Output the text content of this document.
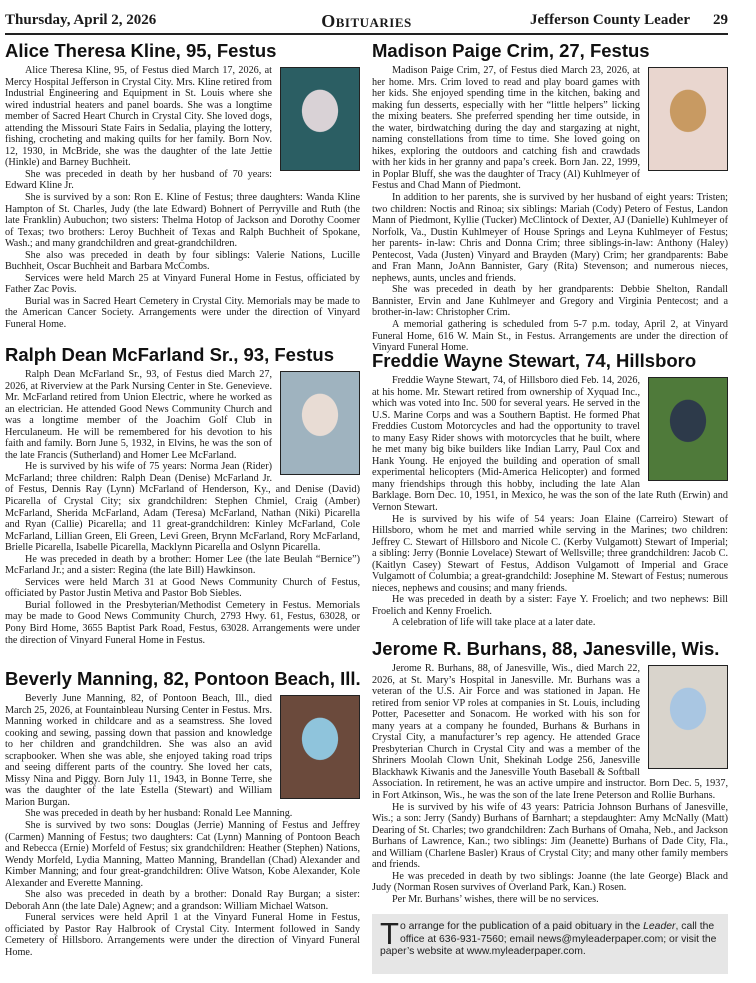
Thursday, April 2, 2026	Obituaries	Jefferson County Leader 29
Alice Theresa Kline, 95, Festus

Alice Theresa Kline, 95, of Festus died March 17, 2026, at Mercy Hospital Jefferson in Crystal City. Mrs. Kline retired from Industrial Engineering and Equipment in St. Louis where she wired industrial heaters and panel boards. She was a longtime member of Sacred Heart Church in Crystal City. She loved dogs, attending the Missouri State Fairs in Sedalia, playing the lottery, fishing, crocheting and making quilts for her family. Born Nov. 12, 1930, in McBride, she was the daughter of the late Jettie (Hinkle) and Barney Buchheit.

She was preceded in death by her husband of 70 years: Edward Kline Jr.

She is survived by a son: Ron E. Kline of Festus; three daughters: Wanda Kline Hampton of St. Charles, Judy (the late Edward) Bohnert of Perryville and Ruth (the late Franklin) Aubuchon; two sisters: Thelma Hotop of Jackson and Dorothy Coomer of Texas; two brothers: Leroy Buchheit of Texas and Ralph Buchheit of Spokane, Wash.; and many grandchildren and great-grandchildren.

She also was preceded in death by four siblings: Valerie Nations, Lucille Buchheit, Oscar Buchheit and Barbara McCombs.

Services were held March 25 at Vinyard Funeral Home in Festus, officiated by Father Zac Povis.

Burial was in Sacred Heart Cemetery in Crystal City. Memorials may be made to the American Cancer Society. Arrangements were under the direction of Vinyard Funeral Home.

Ralph Dean McFarland Sr., 93, Festus

Ralph Dean McFarland Sr., 93, of Festus died March 27, 2026, at Riverview at the Park Nursing Center in Ste. Genevieve. Mr. McFarland retired from Union Electric, where he worked as an electrician. He attended Good News Community Church and was a longtime member of the Joachim Golf Club in Herculaneum. He will be remembered for his devotion to his faith and family. Born June 5, 1932, in Elvins, he was the son of the late Francis (Sutherland) and Homer Lee McFarland.

He is survived by his wife of 75 years: Norma Jean (Rider) McFarland; three children: Ralph Dean (Denise) McFarland Jr. of Festus, Dennis Ray (Lynn) McFarland of Henderson, Ky., and Denise (David) Picarella of Crystal City; six grandchildren: Stephen Chmiel, Craig (Amber) McFarland, Sherida McFarland, Adam (Teresa) McFarland, Nathan (Niki) Picarella and Ryan (Callie) Picarella; and 11 great-grandchildren: Kinley McFarland, Cole McFarland, Lillian Green, Eli Green, Levi Green, Brynn McFarland, Rory McFarland, Brielle Picarella, Isabelle Picarella, Macklynn Picarella and Oslynn Picarella.

He was preceded in death by a brother: Homer Lee (the late Beulah “Bernice”) McFarland Jr.; and a sister: Regina (the late Bill) Hawkinson.

Services were held March 31 at Good News Community Church of Festus, officiated by Pastor Justin Metiva and Pastor Bob Siebles.

Burial followed in the Presbyterian/Methodist Cemetery in Festus. Memorials may be made to Good News Community Church, 2793 Hwy. 61, Festus, 63028, or Pony Bird Home, 3655 Baptist Park Road, Festus, 63028. Arrangements were under the direction of Vinyard Funeral Home in Festus.

Beverly Manning, 82, Pontoon Beach, Ill.

Beverly June Manning, 82, of Pontoon Beach, Ill., died March 25, 2026, at Fountainbleau Nursing Center in Festus. Mrs. Manning worked in childcare and as a seamstress. She loved cooking and sewing, passing down that passion and knowledge to her children and grandchildren. She was also an avid scrapbooker. When she was able, she enjoyed taking road trips and seeing different parts of the country. She loved her cats, Missy Nina and Piggy. Born July 11, 1943, in Bonne Terre, she was the daughter of the late Estella (Stewart) and William Marion Burgan.

She was preceded in death by her husband: Ronald Lee Manning.

She is survived by two sons: Douglas (Jerrie) Manning of Festus and Jeffrey (Carmen) Manning of Festus; two daughters: Cat (Lynn) Manning of Pontoon Beach and Rebecca (Ernie) Morfeld of Festus; six grandchildren: Heather (Stephen) Nations, Wendy Morfeld, Lydia Manning, Matteo Manning, Brandellan (Chad) Alexander and Kimber Manning; and four great-grandchildren: Olive Watson, Kobe Alexander, Kole Alexander and Everette Manning.

She also was preceded in death by a brother: Donald Ray Burgan; a sister: Deborah Ann (the late Dale) Agnew; and a grandson: William Michael Watson.

Funeral services were held April 1 at the Vinyard Funeral Home in Festus, officiated by Pastor Ray Halbrook of Crystal City. Interment followed in Sandy Cemetery of Hillsboro. Arrangements were under the direction of Vinyard Funeral Home.

Madison Paige Crim, 27, Festus

Madison Paige Crim, 27, of Festus died March 23, 2026, at her home. Mrs. Crim loved to read and play board games with her kids. She enjoyed spending time in the kitchen, baking and making fun desserts, especially with her “little helpers” licking the mixing beaters. She preferred spending her time outside, in the water, birdwatching during the day and stargazing at night, naming constellations from time to time. She loved going on hikes, exploring the outdoors and catching fish and crawdads with her kids in her granny and papa’s creek. Born Jan. 22, 1999, in Poplar Bluff, she was the daughter of Tracy (Al) Kuhlmeyer of Festus and Chad Mann of Piedmont.

In addition to her parents, she is survived by her husband of eight years: Tristen; two children: Noctis and Rinoa; six siblings: Mariah (Cody) Petero of Festus, Landon Mann of Piedmont, Kyllie (Tucker) McClintock of Dexter, AJ (Danielle) Kuhlmeyer of Norfolk, Va., Dustin Kuhlmeyer of House Springs and Leyna Kuhlmeyer of Festus; her parents- in-law: Chris and Donna Crim; three siblings-in-law: Anthony (Haley) Pentecost, Vada (Justen) Vinyard and Brayden (Mary) Crim; her grandparents: Babe and Fran Mann, JoAnn Bannister, Gary (Rita) Stevenson; and numerous nieces, nephews, aunts, uncles and friends.

She was preceded in death by her grandparents: Debbie Shelton, Randall Bannister, Ervin and Jane Kuhlmeyer and Gregory and Virginia Pentecost; and a brother-in-law: Christopher Crim.

A memorial gathering is scheduled from 5-7 p.m. today, April 2, at Vinyard Funeral Home, 616 W. Main St., in Festus. Arrangements are under the direction of Vinyard Funeral Home.

Freddie Wayne Stewart, 74, Hillsboro

Freddie Wayne Stewart, 74, of Hillsboro died Feb. 14, 2026, at his home. Mr. Stewart retired from ownership of Xyquad Inc., which was voted into Inc. 500 for several years. He served in the U.S. Marine Corps and was a Southern Baptist. He formed Phat Freddies Custom Motorcycles and had the opportunity to travel to many Easy Rider shows with motorcycles that he built, where he met many big bike builders like Indian Larry, Paul Cox and Hank Young. He enjoyed the building and operation of small experimental helicopters (Mid-America Helicopter) and formed many friendships through this hobby, including the late Alan Barklage. Born Dec. 10, 1951, in Mexico, he was the son of the late Ruth (Erwin) and Vernon Stewart.

He is survived by his wife of 54 years: Joan Elaine (Carreiro) Stewart of Hillsboro, whom he met and married while serving in the Marines; two children: Jeffrey C. Stewart of Hillsboro and Nicole C. (Kerby Vulgamott) Stewart of Imperial; a sibling: Jerry (Bonnie Lovelace) Stewart of Wellsville; three grandchildren: Jacob C. (Kaitlyn Casey) Stewart of Festus, Addison Vulgamott of Imperial and Grace Vulgamott of Columbia; a great-grandchild: Josephine M. Stewart of Festus; numerous nieces, nephews and cousins; and many friends.

He was preceded in death by a sister: Faye Y. Froelich; and two nephews: Bill Froelich and Kenny Froelich.

A celebration of life will take place at a later date.

Jerome R. Burhans, 88, Janesville, Wis.

Jerome R. Burhans, 88, of Janesville, Wis., died March 22, 2026, at St. Mary’s Hospital in Janesville. Mr. Burhans was a veteran of the U.S. Air Force and was stationed in Japan. He retired from senior VP roles at companies in St. Louis, including Potter, Pacesetter and Sonacom. He worked with his son for many years at a company he founded, Burhans & Burhans in Crystal City, a manufacturer’s rep agency. He attended Grace Presbyterian Church in Crystal City and was a member of the Shriners Moolah Clown Unit, Shekinah Lodge 256, Janesville Blackhawk Kiwanis and the Janesville Youth Baseball & Softball Association. In retirement, he was an active umpire and instructor. Born Dec. 5, 1937, in Fort Atkinson, Wis., he was the son of the late Irene Peterson and Rollie Burhans.

He is survived by his wife of 43 years: Patricia Johnson Burhans of Janesville, Wis.; a son: Jerry (Sandy) Burhans of Barnhart; a stepdaughter: Amy McNally (Matt) Dearing of St. Charles; two grandchildren: Zach Burhans of Omaha, Neb., and Jackson Burhans of Lawrence, Kan.; two siblings: Jim (Jeanette) Burhans of Dade City, Fla., and William (Charlene Basler) Kraus of Crystal City; and many other family members and friends.

He was preceded in death by two siblings: Joanne (the late George) Black and Judy (Norman Rosen survives of Overland Park, Kan.) Rosen.

Per Mr. Burhans’ wishes, there will be no services.

To arrange for the publication of a paid obituary in the Leader, call the office at 636-931-7560; email news@myleaderpaper.com; or visit the paper’s website at www.myleaderpaper.com.
